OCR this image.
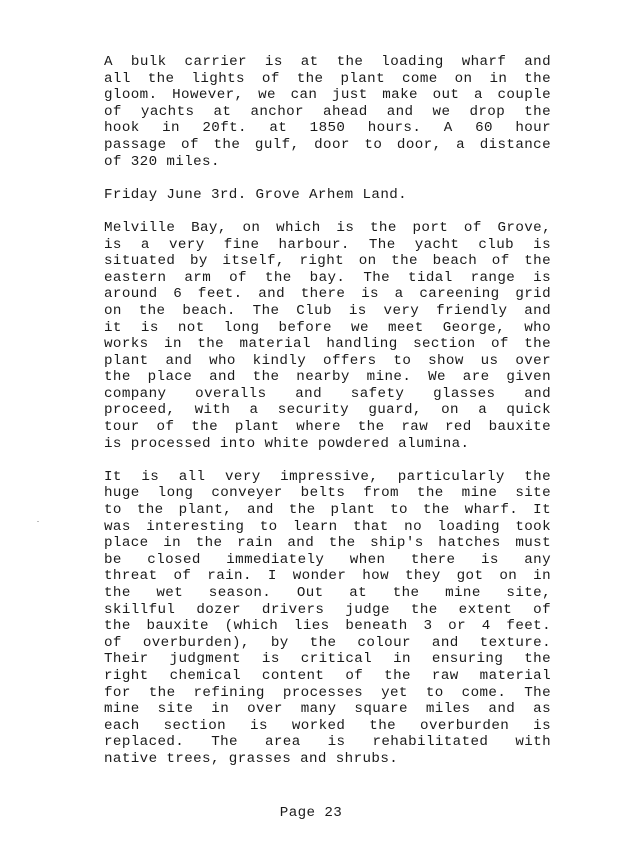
A bulk carrier is at the loading wharf and
all the lights of the plant come on in the
gloom. However, we can just make out a couple
of yachts at anchor ahead and we drop the
hook in 20ft. at 1850 hours. A 60 hour
passage of the gulf, door to door, a distance
of 320 miles.
Friday June 3rd. Grove Arhem Land.
Melville Bay, on which is the port of Grove,
is a very fine harbour. The yacht club is
situated by itself, right on the beach of the
eastern arm of the bay. The tidal range is
around 6 feet. and there is a careening grid
on the beach. The Club is very friendly and
it is not long before we meet George, who
works in the material handling section of the
plant and who kindly offers to show us over
the place and the nearby mine. We are given
company overalls and safety glasses and
proceed, with a security guard, on a quick
tour of the plant where the raw red bauxite
is processed into white powdered alumina.
It is all very impressive, particularly the
huge long conveyer belts from the mine site
to the plant, and the plant to the wharf. It
was interesting to learn that no loading took
place in the rain and the ship's hatches must
be closed immediately when there is any
threat of rain. I wonder how they got on in
the wet season. Out at the mine site,
skillful dozer drivers judge the extent of
the bauxite (which lies beneath 3 or 4 feet.
of overburden), by the colour and texture.
Their judgment is critical in ensuring the
right chemical content of the raw material
for the refining processes yet to come. The
mine site in over many square miles and as
each section is worked the overburden is
replaced. The area is rehabilitated with
native trees, grasses and shrubs.
Page 23
